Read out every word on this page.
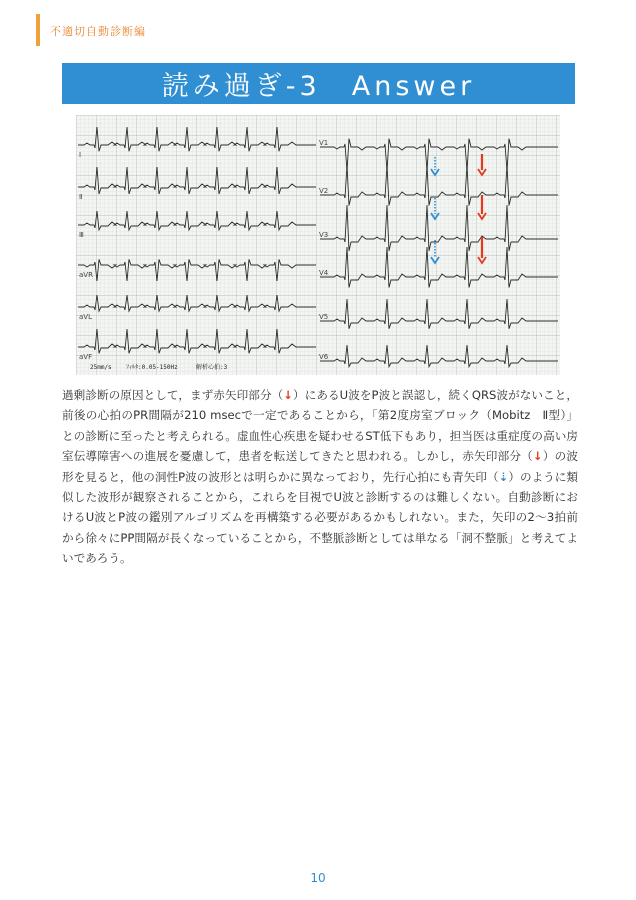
不適切自動診断編
読み過ぎ-3　Answer
Ⅰ
Ⅱ
Ⅲ
aVR
aVL
aVF
V1
V2
V3
V4
V5
V6
25mm/s ﾌｨﾙﾀ:0.05-150Hz	解析心拍:3

過剰診断の原因として，まず赤矢印部分（↓）にあるU波をP波と誤認し，続くQRS波がないこと，前後の心拍のPR間隔が210 msecで一定であることから，「第2度房室ブロック（Mobitz　Ⅱ型）」との診断に至ったと考えられる。虚血性心疾患を疑わせるST低下もあり，担当医は重症度の高い房室伝導障害への進展を憂慮して，患者を転送してきたと思われる。しかし，赤矢印部分（↓）の波形を見ると，他の洞性P波の波形とは明らかに異なっており，先行心拍にも青矢印（⇣）のように類似した波形が観察されることから，これらを目視でU波と診断するのは難しくない。自動診断におけるU波とP波の鑑別アルゴリズムを再構築する必要があるかもしれない。また，矢印の2〜3拍前から徐々にPP間隔が長くなっていることから，不整脈診断としては単なる「洞不整脈」と考えてよいであろう。

10
